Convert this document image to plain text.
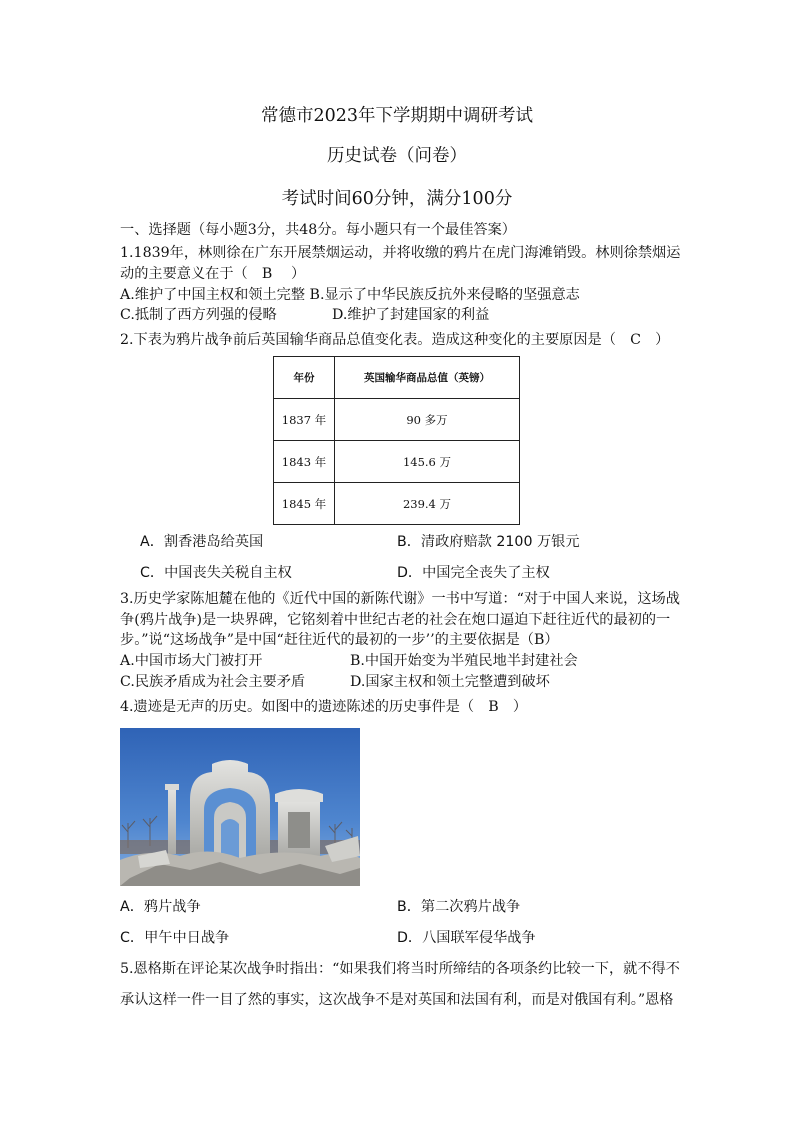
常德市2023年下学期期中调研考试
历史试卷（问卷）
考试时间60分钟，满分100分
一、选择题（每小题3分，共48分。每小题只有一个最佳答案）
1.1839年，林则徐在广东开展禁烟运动，并将收缴的鸦片在虎门海滩销毁。林则徐禁烟运
动的主要意义在于（　B　 ）
A.维护了中国主权和领土完整 B.显示了中华民族反抗外来侵略的坚强意志
C.抵制了西方列强的侵略	D.维护了封建国家的利益
2.下表为鸦片战争前后英国输华商品总值变化表。造成这种变化的主要原因是（　C　）
年份	英国输华商品总值（英镑）
1837 年	90 多万
1843 年	145.6 万
1845 年	239.4 万
A．割香港岛给英国	B．清政府赔款 2100 万银元
C．中国丧失关税自主权	D．中国完全丧失了主权
3.历史学家陈旭麓在他的《近代中国的新陈代谢》一书中写道：“对于中国人来说，这场战
争(鸦片战争)是一块界碑，它铭刻着中世纪古老的社会在炮口逼迫下赶往近代的最初的一
步。”说“这场战争”是中国“赶往近代的最初的一步’’的主要依据是（B）
A.中国市场大门被打开	B.中国开始变为半殖民地半封建社会
C.民族矛盾成为社会主要矛盾	D.国家主权和领土完整遭到破坏
4.遗迹是无声的历史。如图中的遗迹陈述的历史事件是（　B　）
A．鸦片战争	B．第二次鸦片战争
C．甲午中日战争	D．八国联军侵华战争
5.恩格斯在评论某次战争时指出：“如果我们将当时所缔结的各项条约比较一下，就不得不
承认这样一件一目了然的事实，这次战争不是对英国和法国有利，而是对俄国有利。”恩格
